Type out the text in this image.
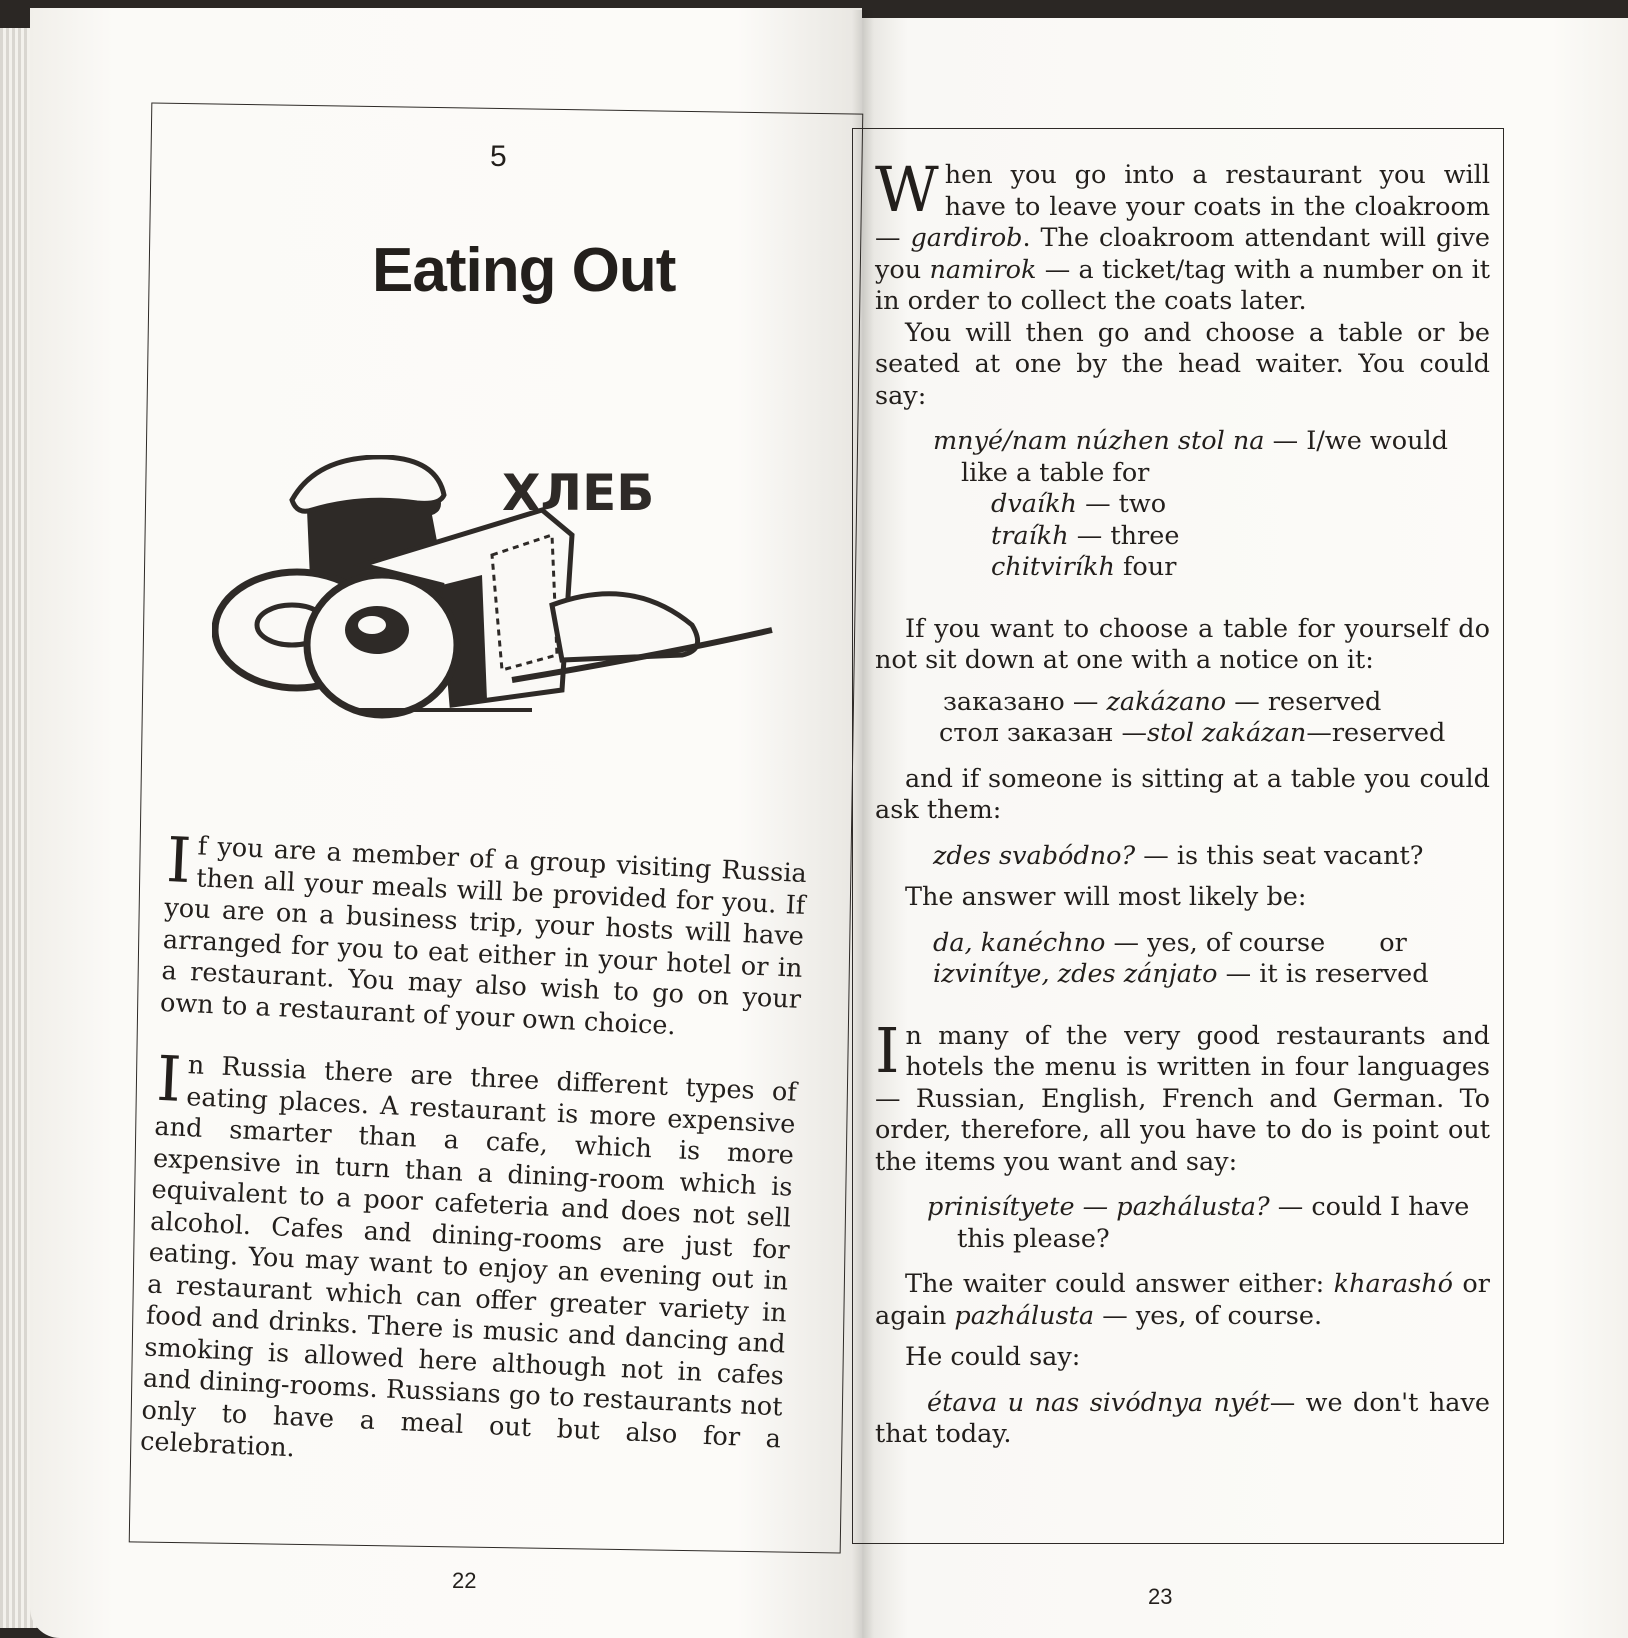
5
Eating Out
ХЛЕБ

If you are a member of a group visiting Russia then all your meals will be provided for you. If you are on a business trip, your hosts will have arranged for you to eat either in your hotel or in a restaurant. You may also wish to go on your own to a restaurant of your own choice.

In Russia there are three different types of eating places. A restaurant is more expensive and smarter than a cafe, which is more expensive in turn than a dining-room which is equivalent to a poor cafeteria and does not sell alcohol. Cafes and dining-rooms are just for eating. You may want to enjoy an evening out in a restaurant which can offer greater variety in food and drinks. There is music and dancing and smoking is allowed here although not in cafes and dining-rooms. Russians go to restaurants not only to have a meal out but also for a celebration.

22

When you go into a restaurant you will have to leave your coats in the cloakroom — gardirob. The cloakroom attendant will give you namirok — a ticket/tag with a number on it in order to collect the coats later.

You will then go and choose a table or be seated at one by the head waiter. You could say:

mnyé/nam núzhen stol na — I/we would
like a table for
dvaíkh — two
traíkh — three
chitviríkh four

If you want to choose a table for yourself do not sit down at one with a notice on it:

заказано — zakázano — reserved
стол заказан —stol zakázan—reserved

and if someone is sitting at a table you could ask them:

zdes svabódno? — is this seat vacant?

The answer will most likely be:

da, kanéchno — yes, of course or
izvinítye, zdes zánjato — it is reserved

In many of the very good restaurants and hotels the menu is written in four languages — Russian, English, French and German. To order, therefore, all you have to do is point out the items you want and say:

prinisítyete — pazhálusta? — could I have
this please?

The waiter could answer either: kharashó or again pazhálusta — yes, of course.

He could say:

étava u nas sivódnya nyét— we don't have that today.

23
